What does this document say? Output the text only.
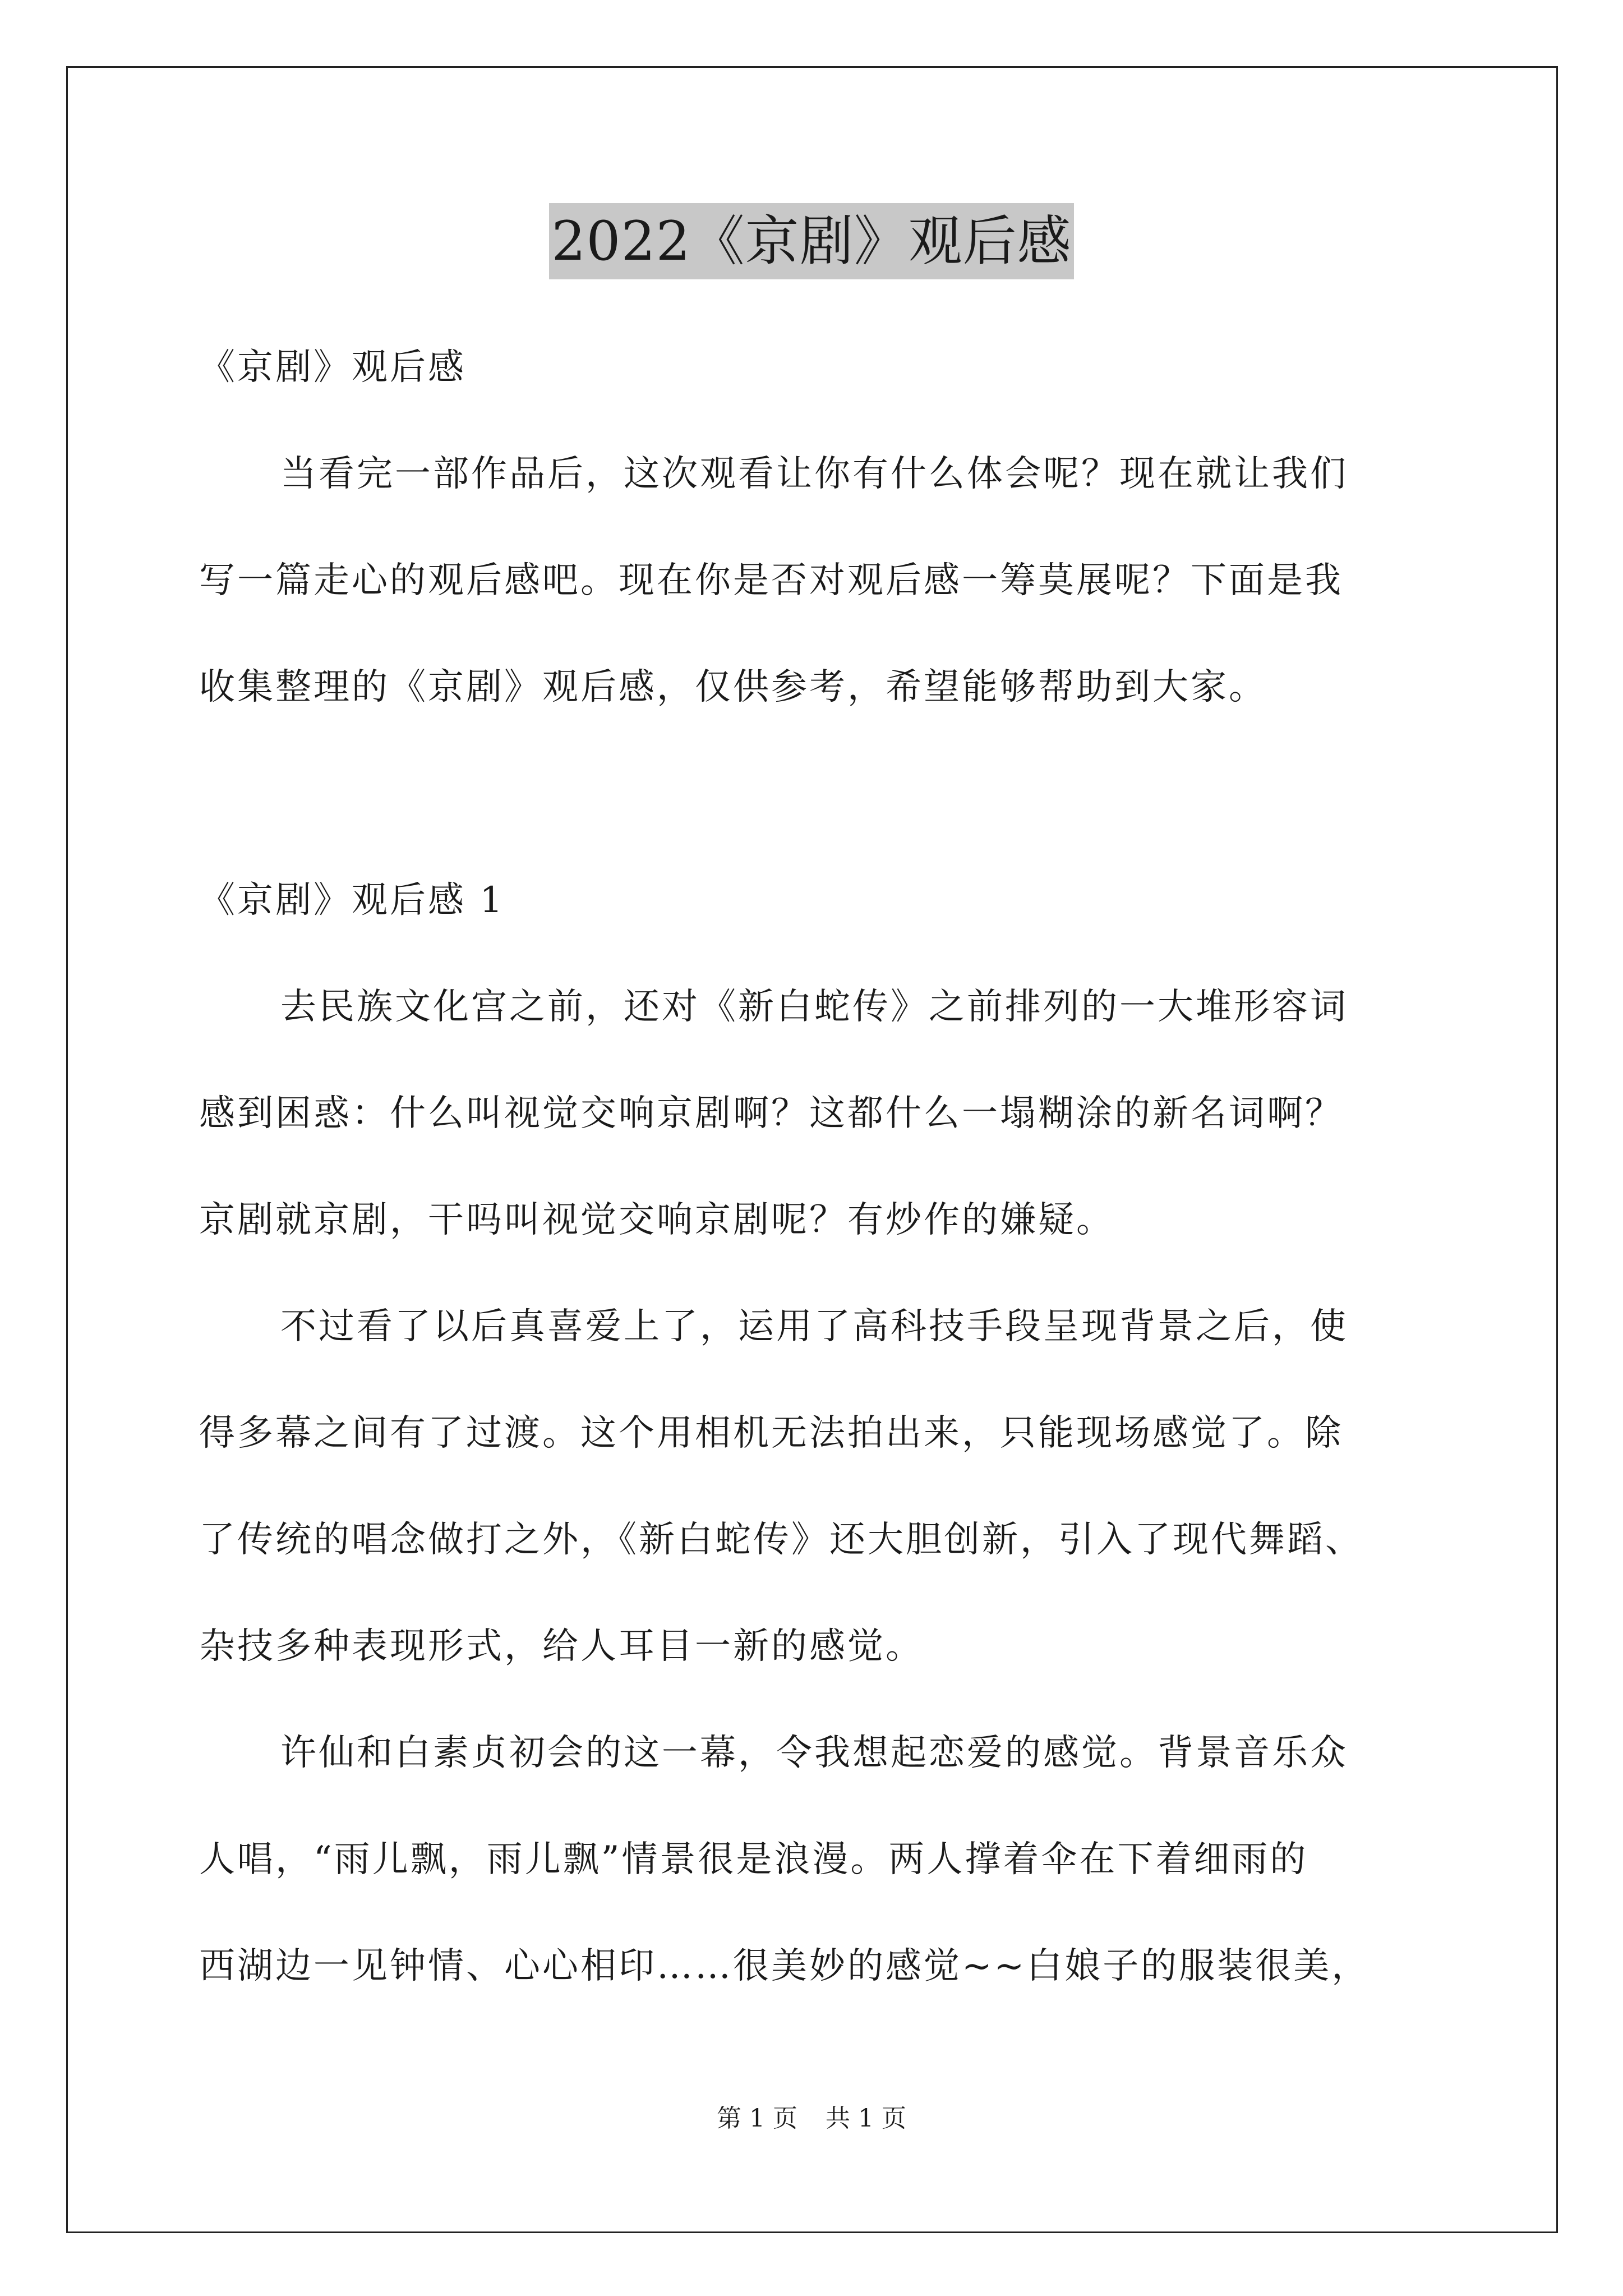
2022《京剧》观后感
《京剧》观后感
当看完一部作品后，这次观看让你有什么体会呢？现在就让我们
写一篇走心的观后感吧。现在你是否对观后感一筹莫展呢？下面是我
收集整理的《京剧》观后感，仅供参考，希望能够帮助到大家。
《京剧》观后感 1
去民族文化宫之前，还对《新白蛇传》之前排列的一大堆形容词
感到困惑：什么叫视觉交响京剧啊？这都什么一塌糊涂的新名词啊？
京剧就京剧，干吗叫视觉交响京剧呢？有炒作的嫌疑。
不过看了以后真喜爱上了，运用了高科技手段呈现背景之后，使
得多幕之间有了过渡。这个用相机无法拍出来，只能现场感觉了。除
了传统的唱念做打之外，《新白蛇传》还大胆创新，引入了现代舞蹈、
杂技多种表现形式，给人耳目一新的感觉。
许仙和白素贞初会的这一幕，令我想起恋爱的感觉。背景音乐众
人唱，“雨儿飘，雨儿飘”情景很是浪漫。两人撑着伞在下着细雨的
西湖边一见钟情、心心相印……很美妙的感觉~~白娘子的服装很美，
第 1 页 共 1 页
